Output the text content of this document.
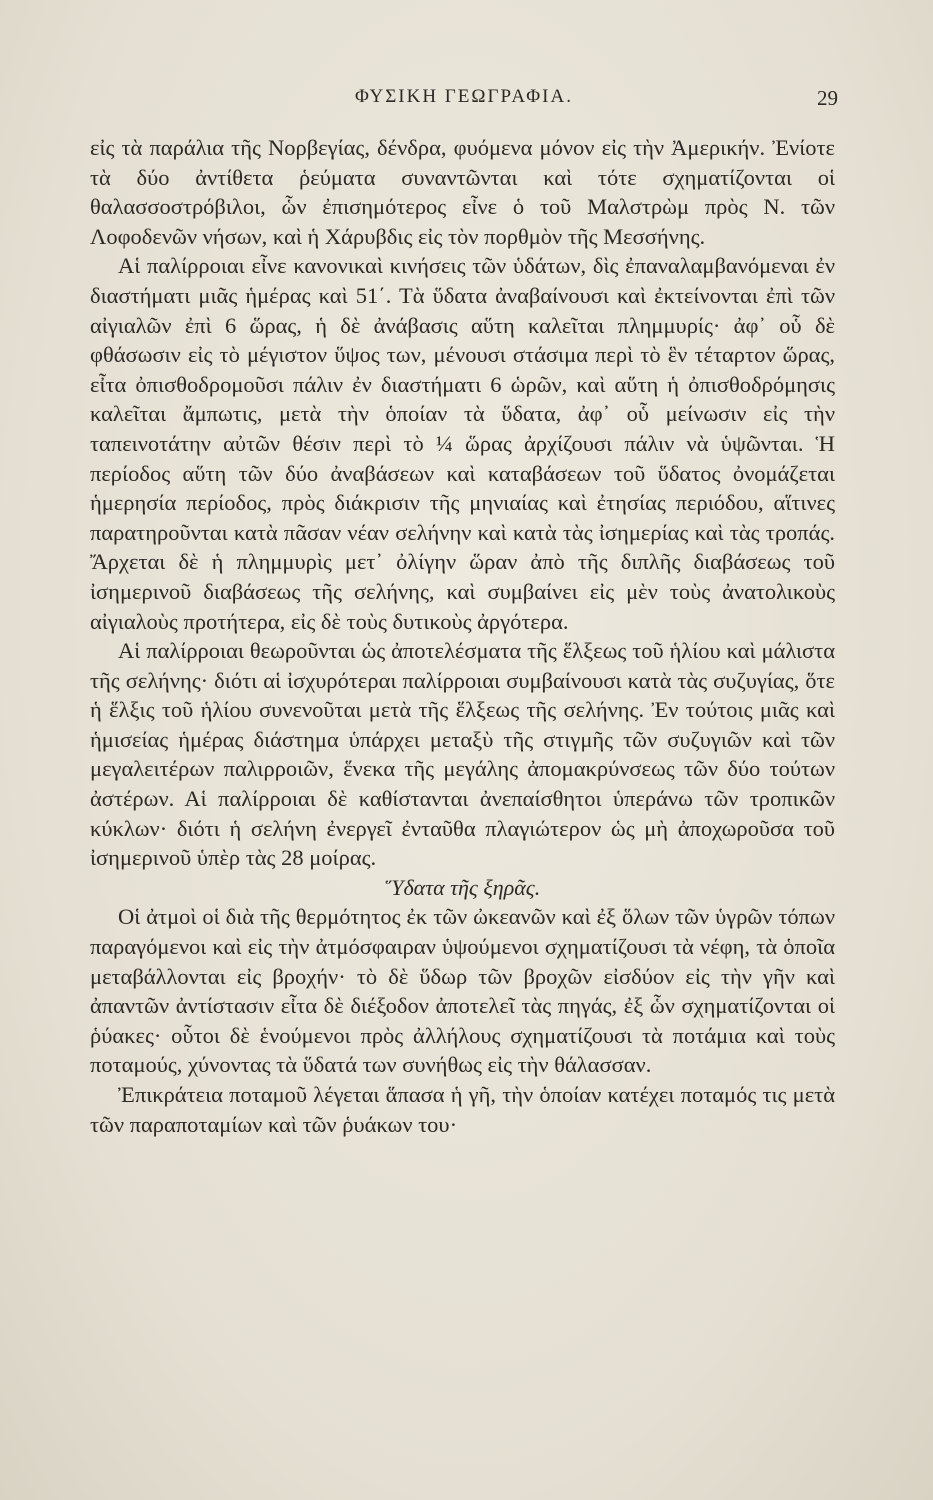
ΦΥΣΙΚΗ ΓΕΩΓΡΑΦΙΑ.	29

εἰς τὰ παράλια τῆς Νορβεγίας, δένδρα, φυόμενα μόνον εἰς τὴν Ἀμερικήν. Ἐνίοτε τὰ δύο ἀντίθετα ῥεύματα συναντῶνται καὶ τότε σχηματίζονται οἱ θαλασσοστρόβιλοι, ὧν ἐπισημότερος εἶνε ὁ τοῦ Μαλστρὼμ πρὸς Ν. τῶν Λοφοδενῶν νήσων, καὶ ἡ Χάρυβδις εἰς τὸν πορθμὸν τῆς Μεσσήνης.

Αἱ παλίρροιαι εἶνε κανονικαὶ κινήσεις τῶν ὑδάτων, δὶς ἐπαναλαμβανόμεναι ἐν διαστήματι μιᾶς ἡμέρας καὶ 51΄. Τὰ ὕδατα ἀναβαίνουσι καὶ ἐκτείνονται ἐπὶ τῶν αἰγιαλῶν ἐπὶ 6 ὥρας, ἡ δὲ ἀνάβασις αὕτη καλεῖται πλημμυρίς· ἀφ᾽ οὗ δὲ φθάσωσιν εἰς τὸ μέγιστον ὕψος των, μένουσι στάσιμα περὶ τὸ ἓν τέταρτον ὥρας, εἶτα ὀπισθοδρομοῦσι πάλιν ἐν διαστήματι 6 ὡρῶν, καὶ αὕτη ἡ ὀπισθοδρόμησις καλεῖται ἄμπωτις, μετὰ τὴν ὁποίαν τὰ ὕδατα, ἀφ᾽ οὗ μείνωσιν εἰς τὴν ταπεινοτάτην αὐτῶν θέσιν περὶ τὸ ¼ ὥρας ἀρχίζουσι πάλιν νὰ ὑψῶνται. Ἡ περίοδος αὕτη τῶν δύο ἀναβάσεων καὶ καταβάσεων τοῦ ὕδατος ὀνομάζεται ἡμερησία περίοδος, πρὸς διάκρισιν τῆς μηνιαίας καὶ ἐτησίας περιόδου, αἵτινες παρατηροῦνται κατὰ πᾶσαν νέαν σελήνην καὶ κατὰ τὰς ἰσημερίας καὶ τὰς τροπάς. Ἄρχεται δὲ ἡ πλημμυρὶς μετ᾽ ὀλίγην ὥραν ἀπὸ τῆς διπλῆς διαβάσεως τοῦ ἰσημερινοῦ διαβάσεως τῆς σελήνης, καὶ συμβαίνει εἰς μὲν τοὺς ἀνατολικοὺς αἰγιαλοὺς προτήτερα, εἰς δὲ τοὺς δυτικοὺς ἀργότερα.

Αἱ παλίρροιαι θεωροῦνται ὡς ἀποτελέσματα τῆς ἕλξεως τοῦ ἡλίου καὶ μάλιστα τῆς σελήνης· διότι αἱ ἰσχυρότεραι παλίρροιαι συμβαίνουσι κατὰ τὰς συζυγίας, ὅτε ἡ ἕλξις τοῦ ἡλίου συνενοῦται μετὰ τῆς ἕλξεως τῆς σελήνης. Ἐν τούτοις μιᾶς καὶ ἡμισείας ἡμέρας διάστημα ὑπάρχει μεταξὺ τῆς στιγμῆς τῶν συζυγιῶν καὶ τῶν μεγαλειτέρων παλιρροιῶν, ἕνεκα τῆς μεγάλης ἀπομακρύνσεως τῶν δύο τούτων ἀστέρων. Αἱ παλίρροιαι δὲ καθίστανται ἀνεπαίσθητοι ὑπεράνω τῶν τροπικῶν κύκλων· διότι ἡ σελήνη ἐνεργεῖ ἐνταῦθα πλαγιώτερον ὡς μὴ ἀποχωροῦσα τοῦ ἰσημερινοῦ ὑπὲρ τὰς 28 μοίρας.

Ὕδατα τῆς ξηρᾶς.

Οἱ ἀτμοὶ οἱ διὰ τῆς θερμότητος ἐκ τῶν ὠκεανῶν καὶ ἐξ ὅλων τῶν ὑγρῶν τόπων παραγόμενοι καὶ εἰς τὴν ἀτμόσφαιραν ὑψούμενοι σχηματίζουσι τὰ νέφη, τὰ ὁποῖα μεταβάλλονται εἰς βροχήν· τὸ δὲ ὕδωρ τῶν βροχῶν εἰσδύον εἰς τὴν γῆν καὶ ἀπαντῶν ἀντίστασιν εἶτα δὲ διέξοδον ἀποτελεῖ τὰς πηγάς, ἐξ ὧν σχηματίζονται οἱ ῥύακες· οὗτοι δὲ ἑνούμενοι πρὸς ἀλλήλους σχηματίζουσι τὰ ποτάμια καὶ τοὺς ποταμούς, χύνοντας τὰ ὕδατά των συνήθως εἰς τὴν θάλασσαν.

Ἐπικράτεια ποταμοῦ λέγεται ἅπασα ἡ γῆ, τὴν ὁποίαν κατέχει ποταμός τις μετὰ τῶν παραποταμίων καὶ τῶν ῥυάκων του·
